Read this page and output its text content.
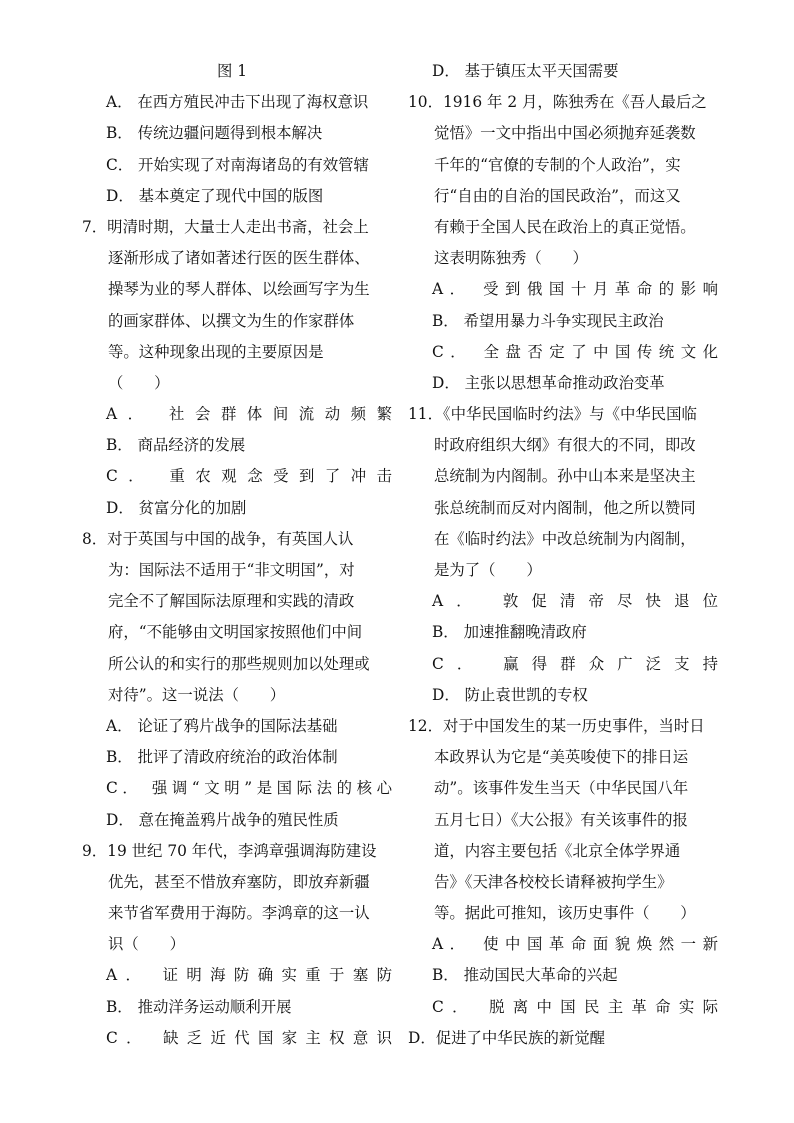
图 1
A． 在西方殖民冲击下出现了海权意识
B． 传统边疆问题得到根本解决
C． 开始实现了对南海诸岛的有效管辖
D． 基本奠定了现代中国的版图
7．明清时期，大量士人走出书斋，社会上
逐渐形成了诸如著述行医的医生群体、
操琴为业的琴人群体、以绘画写字为生
的画家群体、以撰文为生的作家群体
等。这种现象出现的主要原因是
（　　）
A． 社会群体间流动频繁
B． 商品经济的发展
C． 重农观念受到了冲击
D． 贫富分化的加剧
8．对于英国与中国的战争，有英国人认
为：国际法不适用于“非文明国”，对
完全不了解国际法原理和实践的清政
府，“不能够由文明国家按照他们中间
所公认的和实行的那些规则加以处理或
对待”。这一说法（　　）
A． 论证了鸦片战争的国际法基础
B． 批评了清政府统治的政治体制
C． 强调“文明”是国际法的核心
D． 意在掩盖鸦片战争的殖民性质
9．19 世纪 70 年代，李鸿章强调海防建设
优先，甚至不惜放弃塞防，即放弃新疆
来节省军费用于海防。李鸿章的这一认
识（　　）
A． 证明海防确实重于塞防
B． 推动洋务运动顺利开展
C． 缺乏近代国家主权意识
D． 基于镇压太平天国需要
10．1916 年 2 月，陈独秀在《吾人最后之
觉悟》一文中指出中国必须抛弃延袭数
千年的“官僚的专制的个人政治”，实
行“自由的自治的国民政治”，而这又
有赖于全国人民在政治上的真正觉悟。
这表明陈独秀（　　）
A． 受到俄国十月革命的影响
B． 希望用暴力斗争实现民主政治
C． 全盘否定了中国传统文化
D． 主张以思想革命推动政治变革
11．《中华民国临时约法》与《中华民国临
时政府组织大纲》有很大的不同，即改
总统制为内阁制。孙中山本来是坚决主
张总统制而反对内阁制，他之所以赞同
在《临时约法》中改总统制为内阁制，
是为了（　　）
A． 敦促清帝尽快退位
B． 加速推翻晚清政府
C． 赢得群众广泛支持
D． 防止袁世凯的专权
12．对于中国发生的某一历史事件，当时日
本政界认为它是“美英唆使下的排日运
动”。该事件发生当天（中华民国八年
五月七日）《大公报》有关该事件的报
道，内容主要包括《北京全体学界通
告》《天津各校校长请释被拘学生》
等。据此可推知，该历史事件（　　）
A． 使中国革命面貌焕然一新
B． 推动国民大革命的兴起
C． 脱离中国民主革命实际
D．促进了中华民族的新觉醒
